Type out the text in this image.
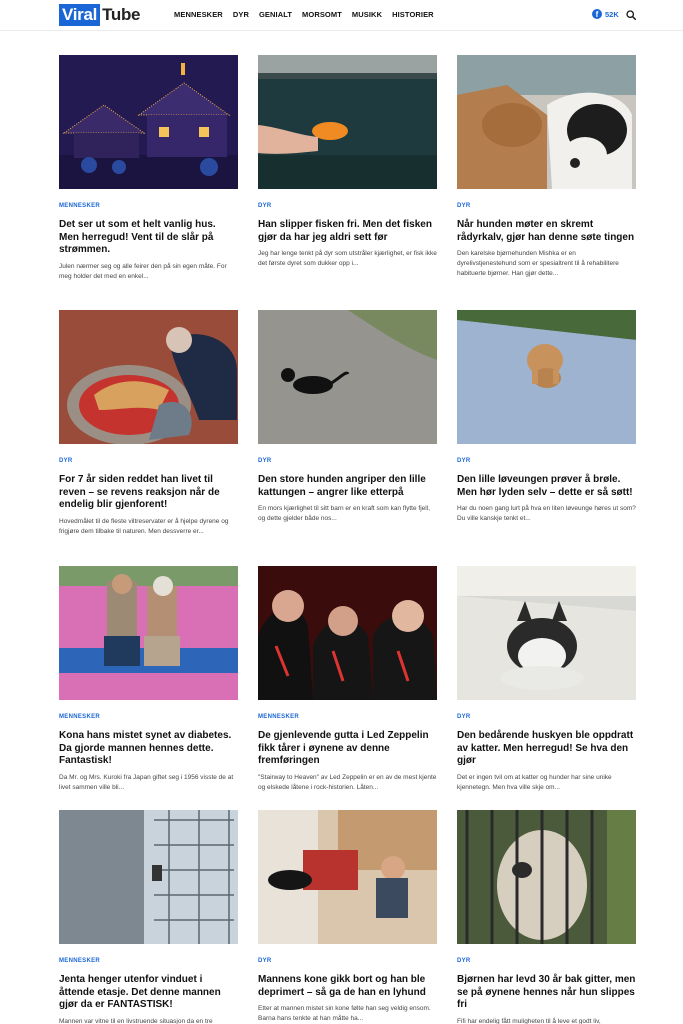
Viral Tube	MENNESKER DYR GENIALT MORSOMT MUSIKK HISTORIER	f 52K
MENNESKER
Det ser ut som et helt vanlig hus. Men herregud! Vent til de slår på strømmen.
Julen nærmer seg og alle feirer den på sin egen måte. For meg holder det med en enkel...
DYR
Han slipper fisken fri. Men det fisken gjør da har jeg aldri sett før
Jeg har lenge tenkt på dyr som utstråler kjærlighet, er fisk ikke det første dyret som dukker opp i...
DYR
Når hunden møter en skremt rådyrkalv, gjør han denne søte tingen
Den karelske bjørnehunden Mishka er en dyrelivstjenestehund som er spesialtrent til å rehabilitere habituerte bjørner. Han gjør dette...
DYR
For 7 år siden reddet han livet til reven – se revens reaksjon når de endelig blir gjenforent!
Hovedmålet til de fleste viltreservater er å hjelpe dyrene og frigjøre dem tilbake til naturen. Men dessverre er...
DYR
Den store hunden angriper den lille kattungen – angrer like etterpå
En mors kjærlighet til sitt barn er en kraft som kan flytte fjell, og dette gjelder både nos...
DYR
Den lille løveungen prøver å brøle. Men hør lyden selv – dette er så søtt!
Har du noen gang lurt på hva en liten løveunge høres ut som? Du ville kanskje tenkt et...
MENNESKER
Kona hans mistet synet av diabetes. Da gjorde mannen hennes dette. Fantastisk!
Da Mr. og Mrs. Kuroki fra Japan giftet seg i 1956 visste de at livet sammen ville bli...
MENNESKER
De gjenlevende gutta i Led Zeppelin fikk tårer i øynene av denne fremføringen
"Stairway to Heaven" av Led Zeppelin er en av de mest kjente og elskede låtene i rock-historien. Låten...
DYR
Den bedårende huskyen ble oppdratt av katter. Men herregud! Se hva den gjør
Det er ingen tvil om at katter og hunder har sine unike kjennetegn. Men hva ville skje om...
MENNESKER
Jenta henger utenfor vinduet i åttende etasje. Det denne mannen gjør da er FANTASTISK!
Mannen var vitne til en livstruende situasjon da en tre
DYR
Mannens kone gikk bort og han ble deprimert – så ga de han en lyhund
Etter at mannen mistet sin kone følte han seg veldig ensom. Barna hans tenkte at han måtte ha...
DYR
Bjørnen har levd 30 år bak gitter, men se på øynene hennes når hun slippes fri
Fifi har endelig fått muligheten til å leve et godt liv,
